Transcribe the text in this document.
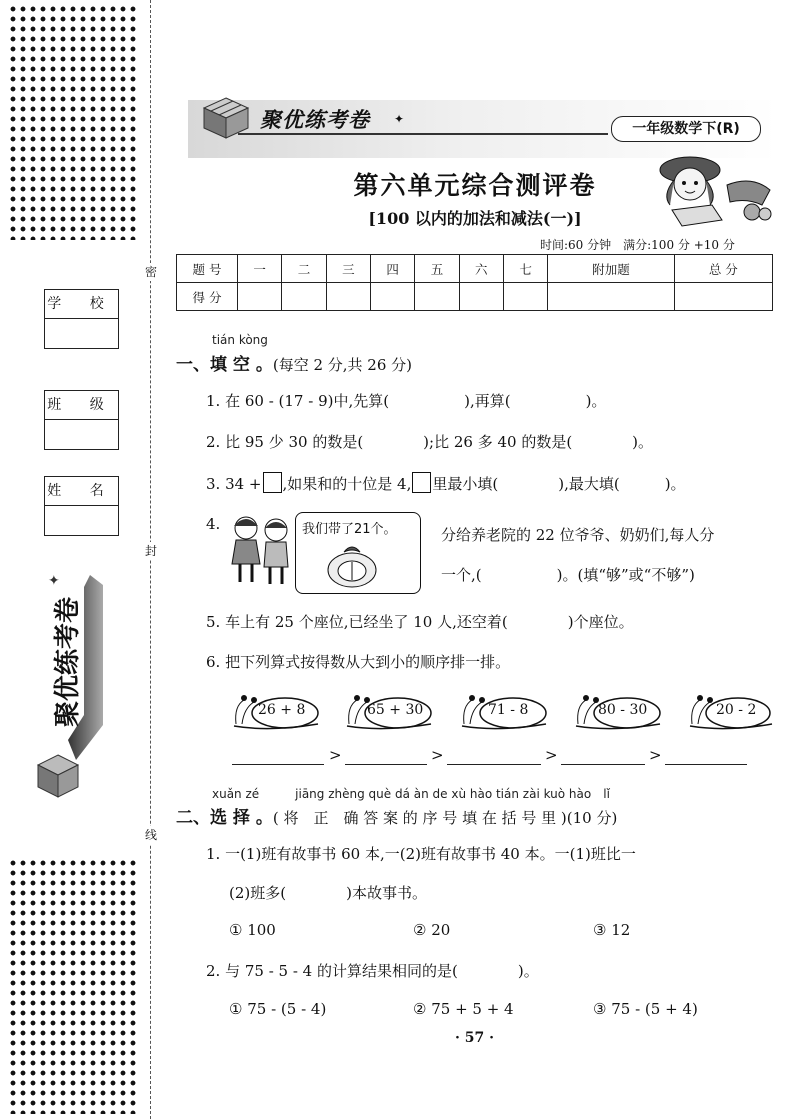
密
封
线
学 校
班 级
姓 名
✦
聚优练考卷
聚优练考卷 ✦
一年级数学下(R)
第六单元综合测评卷
[100 以内的加法和减法(一)]
时间:60 分钟　满分:100 分 +10 分
题 号	一	二	三	四	五	六	七	附加题	总 分
得 分									
tián kòng
一、填 空 。(每空 2 分,共 26 分)
1. 在 60 - (17 - 9)中,先算(　　　　　),再算(　　　　　)。
2. 比 95 少 30 的数是(　　　　);比 26 多 40 的数是(　　　　)。
3. 34 + ,如果和的十位是 4, 里最小填(　　　　),最大填(　　　)。
4.	我们带了21个。	分给养老院的 22 位爷爷、奶奶们,每人分
一个,(　　　　　)。(填“够”或“不够”)
5. 车上有 25 个座位,已经坐了 10 人,还空着(　　　　)个座位。
6. 把下列算式按得数从大到小的顺序排一排。
26 + 8	65 + 30	71 - 8	80 - 30	20 - 2
>	>	>	>
xuǎn zé　　　jiāng zhèng què dá àn de xù hào tián zài kuò hào　lǐ
二、选 择 。( 将　正　确 答 案 的 序 号 填 在 括 号 里 )(10 分)
1. 一(1)班有故事书 60 本,一(2)班有故事书 40 本。一(1)班比一
(2)班多(　　　　)本故事书。
① 100	② 20	③ 12
2. 与 75 - 5 - 4 的计算结果相同的是(　　　　)。
① 75 - (5 - 4)	② 75 + 5 + 4	③ 75 - (5 + 4)
· 57 ·
